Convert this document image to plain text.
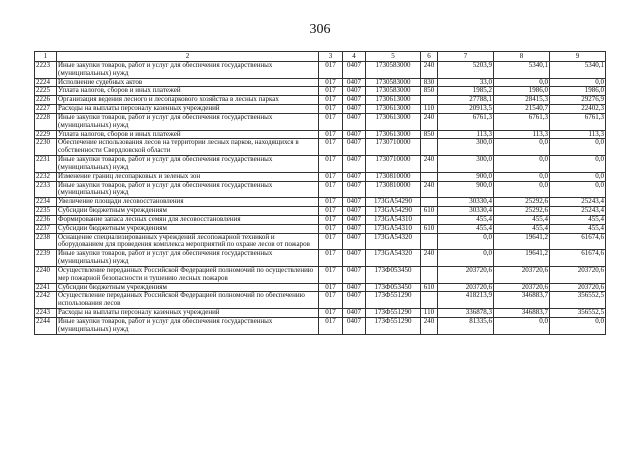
306
1	2	3	4	5	6	7	8	9
2223	Иные закупки товаров, работ и услуг для обеспечения государственных (муниципальных) нужд	017	0407	1730583000	240	5203,9	5340,1	5340,1
2224	Исполнение судебных актов	017	0407	1730583000	830	33,0	0,0	0,0
2225	Уплата налогов, сборов и иных платежей	017	0407	1730583000	850	1985,2	1986,0	1986,0
2226	Организация ведения лесного и лесопаркового хозяйства в лесных парках	017	0407	1730613000		27788,1	28415,3	29276,9
2227	Расходы на выплаты персоналу казенных учреждений	017	0407	1730613000	110	20913,5	21540,7	22402,3
2228	Иные закупки товаров, работ и услуг для обеспечения государственных (муниципальных) нужд	017	0407	1730613000	240	6761,3	6761,3	6761,3
2229	Уплата налогов, сборов и иных платежей	017	0407	1730613000	850	113,3	113,3	113,3
2230	Обеспечение использования лесов на территории лесных парков, находящихся в собственности Свердловской области	017	0407	1730710000		300,0	0,0	0,0
2231	Иные закупки товаров, работ и услуг для обеспечения государственных (муниципальных) нужд	017	0407	1730710000	240	300,0	0,0	0,0
2232	Изменение границ лесопарковых и зеленых зон	017	0407	1730810000		900,0	0,0	0,0
2233	Иные закупки товаров, работ и услуг для обеспечения государственных (муниципальных) нужд	017	0407	1730810000	240	900,0	0,0	0,0
2234	Увеличение площади лесовосстановления	017	0407	173GA54290		30330,4	25292,6	25243,4
2235	Субсидии бюджетным учреждениям	017	0407	173GA54290	610	30330,4	25292,6	25243,4
2236	Формирование запаса лесных семян для лесовосстановления	017	0407	173GA54310		455,4	455,4	455,4
2237	Субсидии бюджетным учреждениям	017	0407	173GA54310	610	455,4	455,4	455,4
2238	Оснащение специализированных учреждений лесопожарной техникой и оборудованием для проведения комплекса мероприятий по охране лесов от пожаров	017	0407	173GA54320		0,0	19641,2	61674,6
2239	Иные закупки товаров, работ и услуг для обеспечения государственных (муниципальных) нужд	017	0407	173GA54320	240	0,0	19641,2	61674,6
2240	Осуществление переданных Российской Федерацией полномочий по осуществлению мер пожарной безопасности и тушению лесных пожаров	017	0407	173Ф053450		203720,6	203720,6	203720,6
2241	Субсидии бюджетным учреждениям	017	0407	173Ф053450	610	203720,6	203720,6	203720,6
2242	Осуществление переданных Российской Федерацией полномочий по обеспечению использования лесов	017	0407	173Ф551290		418213,9	346883,7	356552,5
2243	Расходы на выплаты персоналу казенных учреждений	017	0407	173Ф551290	110	336878,3	346883,7	356552,5
2244	Иные закупки товаров, работ и услуг для обеспечения государственных (муниципальных) нужд	017	0407	173Ф551290	240	81335,6	0,0	0,0
